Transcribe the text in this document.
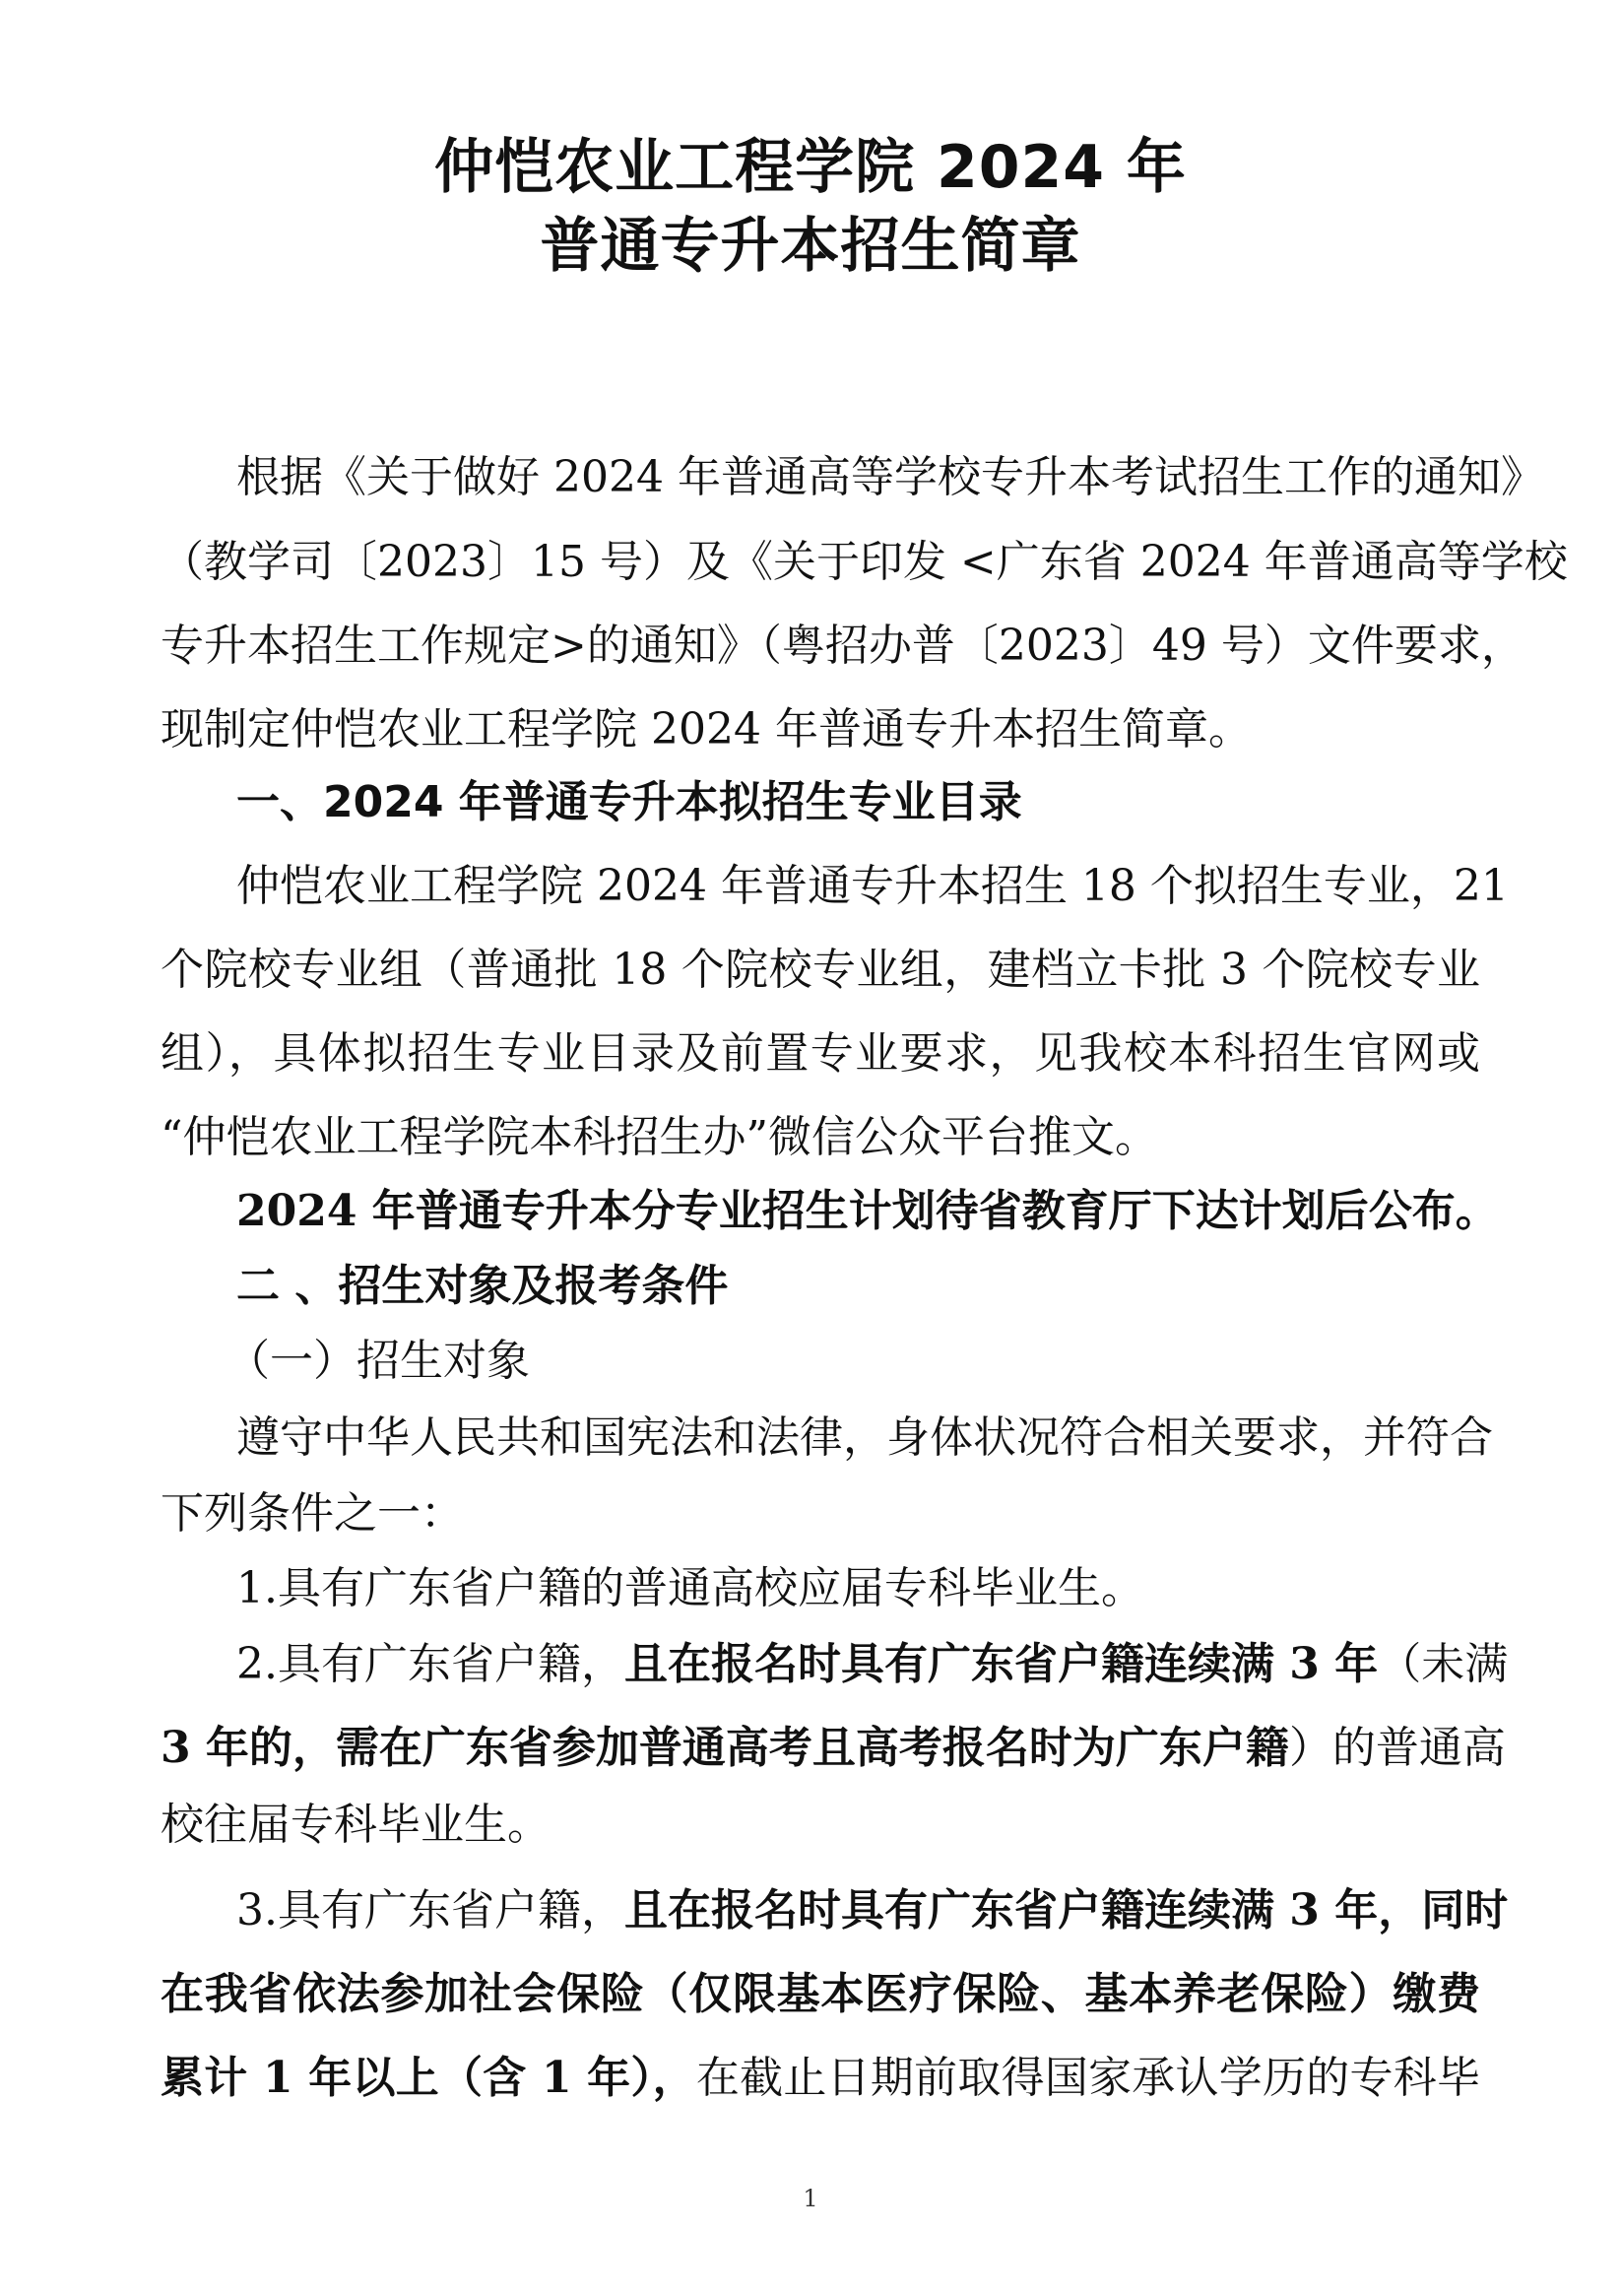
仲恺农业工程学院 2024 年
普通专升本招生简章
根据《关于做好 2024 年普通高等学校专升本考试招生工作的通知》
（教学司〔2023〕15 号）及《关于印发 <广东省 2024 年普通高等学校
专升本招生工作规定>的通知》（粤招办普〔2023〕49 号）文件要求，
现制定仲恺农业工程学院 2024 年普通专升本招生简章。
一、2024 年普通专升本拟招生专业目录
仲恺农业工程学院 2024 年普通专升本招生 18 个拟招生专业，21
个院校专业组（普通批 18 个院校专业组，建档立卡批 3 个院校专业
组），具体拟招生专业目录及前置专业要求，见我校本科招生官网或
“仲恺农业工程学院本科招生办”微信公众平台推文。
2024 年普通专升本分专业招生计划待省教育厅下达计划后公布。
二 、招生对象及报考条件
（一）招生对象
遵守中华人民共和国宪法和法律，身体状况符合相关要求，并符合
下列条件之一：
1.具有广东省户籍的普通高校应届专科毕业生。
2.具有广东省户籍，且在报名时具有广东省户籍连续满 3 年（未满
3 年的，需在广东省参加普通高考且高考报名时为广东户籍）的普通高
校往届专科毕业生。
3.具有广东省户籍，且在报名时具有广东省户籍连续满 3 年，同时
在我省依法参加社会保险（仅限基本医疗保险、基本养老保险）缴费
累计 1 年以上（含 1 年），在截止日期前取得国家承认学历的专科毕
1
